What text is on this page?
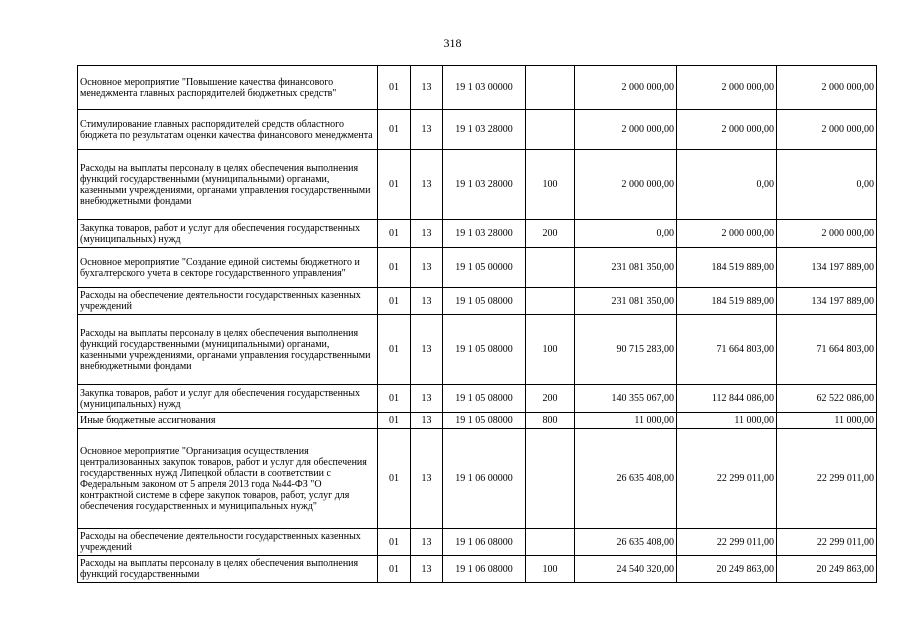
318
Основное мероприятие "Повышение качества финансового менеджмента главных распорядителей бюджетных средств"	01	13	19 1 03 00000		2 000 000,00	2 000 000,00	2 000 000,00
Стимулирование главных распорядителей средств областного бюджета по результатам оценки качества финансового менеджмента	01	13	19 1 03 28000		2 000 000,00	2 000 000,00	2 000 000,00
Расходы на выплаты персоналу в целях обеспечения выполнения функций государственными (муниципальными) органами, казенными учреждениями, органами управления государственными внебюджетными фондами	01	13	19 1 03 28000	100	2 000 000,00	0,00	0,00
Закупка товаров, работ и услуг для обеспечения государственных (муниципальных) нужд	01	13	19 1 03 28000	200	0,00	2 000 000,00	2 000 000,00
Основное мероприятие "Создание единой системы бюджетного и бухгалтерского учета в секторе государственного управления"	01	13	19 1 05 00000		231 081 350,00	184 519 889,00	134 197 889,00
Расходы на обеспечение деятельности государственных казенных учреждений	01	13	19 1 05 08000		231 081 350,00	184 519 889,00	134 197 889,00
Расходы на выплаты персоналу в целях обеспечения выполнения функций государственными (муниципальными) органами, казенными учреждениями, органами управления государственными внебюджетными фондами	01	13	19 1 05 08000	100	90 715 283,00	71 664 803,00	71 664 803,00
Закупка товаров, работ и услуг для обеспечения государственных (муниципальных) нужд	01	13	19 1 05 08000	200	140 355 067,00	112 844 086,00	62 522 086,00
Иные бюджетные ассигнования	01	13	19 1 05 08000	800	11 000,00	11 000,00	11 000,00
Основное мероприятие "Организация осуществления централизованных закупок товаров, работ и услуг для обеспечения государственных нужд Липецкой области в соответствии с Федеральным законом от 5 апреля 2013 года №44-ФЗ "О контрактной системе в сфере закупок товаров, работ, услуг для обеспечения государственных и муниципальных нужд"	01	13	19 1 06 00000		26 635 408,00	22 299 011,00	22 299 011,00
Расходы на обеспечение деятельности государственных казенных учреждений	01	13	19 1 06 08000		26 635 408,00	22 299 011,00	22 299 011,00
Расходы на выплаты персоналу в целях обеспечения выполнения функций государственными	01	13	19 1 06 08000	100	24 540 320,00	20 249 863,00	20 249 863,00
